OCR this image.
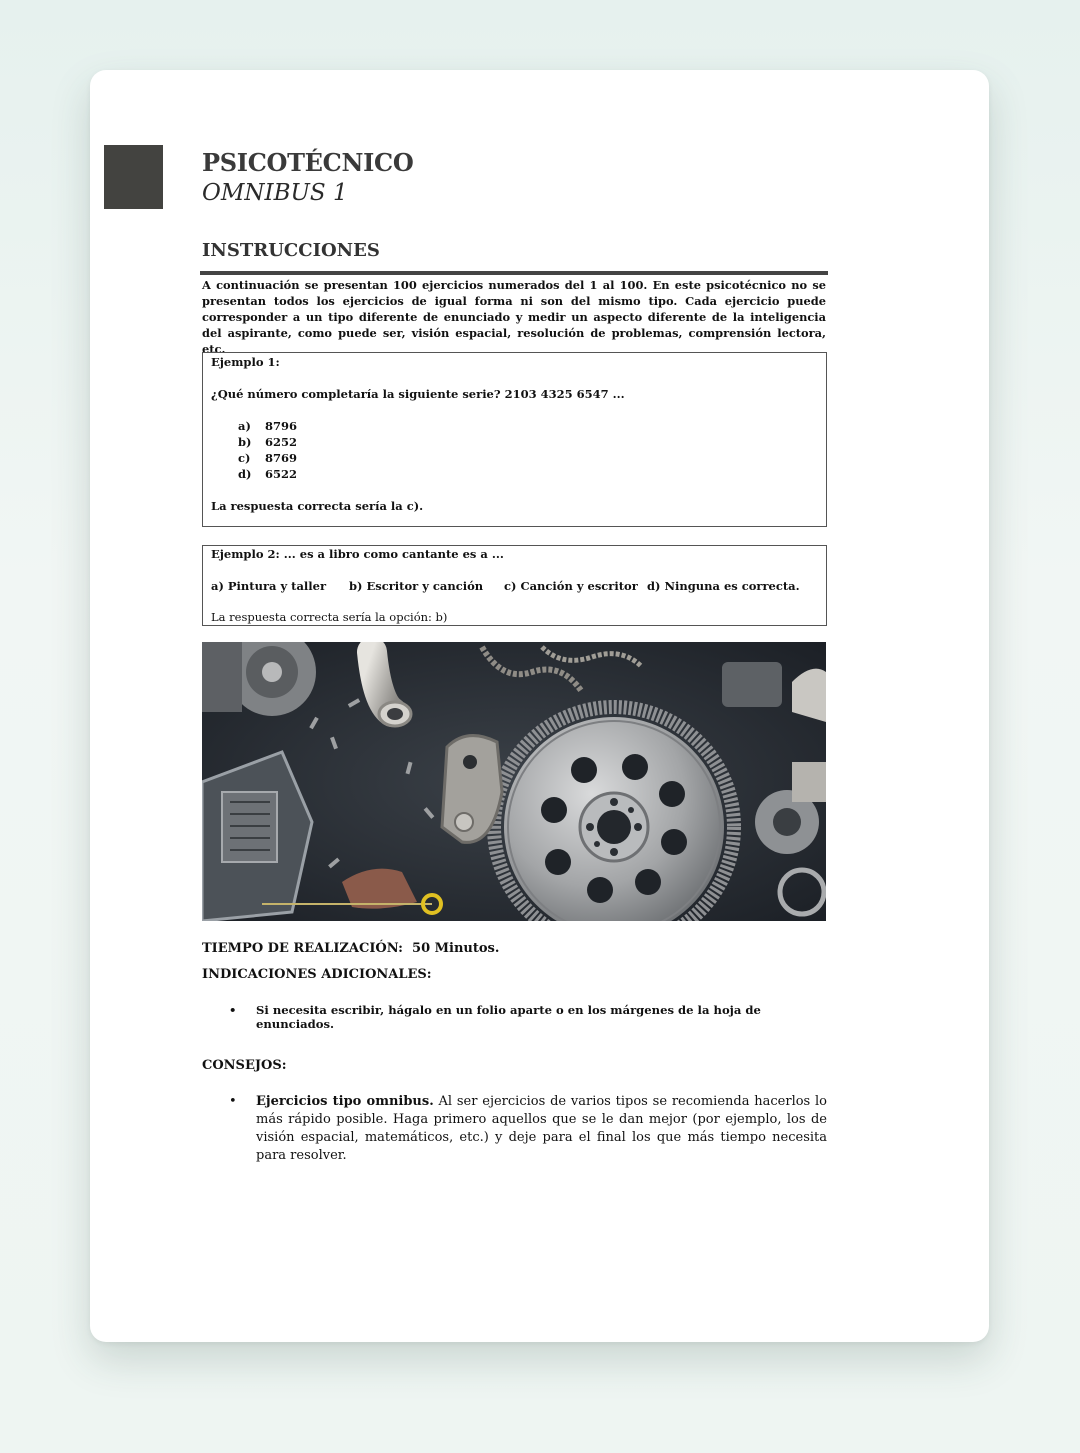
PSICOTÉCNICO
OMNIBUS 1
INSTRUCCIONES
A continuación se presentan 100 ejercicios numerados del 1 al 100. En este psicotécnico no se presentan todos los ejercicios de igual forma ni son del mismo tipo. Cada ejercicio puede corresponder a un tipo diferente de enunciado y medir un aspecto diferente de la inteligencia del aspirante, como puede ser, visión espacial, resolución de problemas, comprensión lectora, etc.
Ejemplo 1:
¿Qué número completaría la siguiente serie? 2103 4325 6547 ...
a)	8796
b)	6252
c)	8769
d)	6522
La respuesta correcta sería la c).
Ejemplo 2: ... es a libro como cantante es a ...
a) Pintura y taller	b) Escritor y canción	c) Canción y escritor d) Ninguna es correcta.
La respuesta correcta sería la opción: b)
TIEMPO DE REALIZACIÓN: 50 Minutos.
INDICACIONES ADICIONALES:
•	Si necesita escribir, hágalo en un folio aparte o en los márgenes de la hoja de enunciados.
CONSEJOS:
•	Ejercicios tipo omnibus. Al ser ejercicios de varios tipos se recomienda hacerlos lo más rápido posible. Haga primero aquellos que se le dan mejor (por ejemplo, los de visión espacial, matemáticos, etc.) y deje para el final los que más tiempo necesita para resolver.
